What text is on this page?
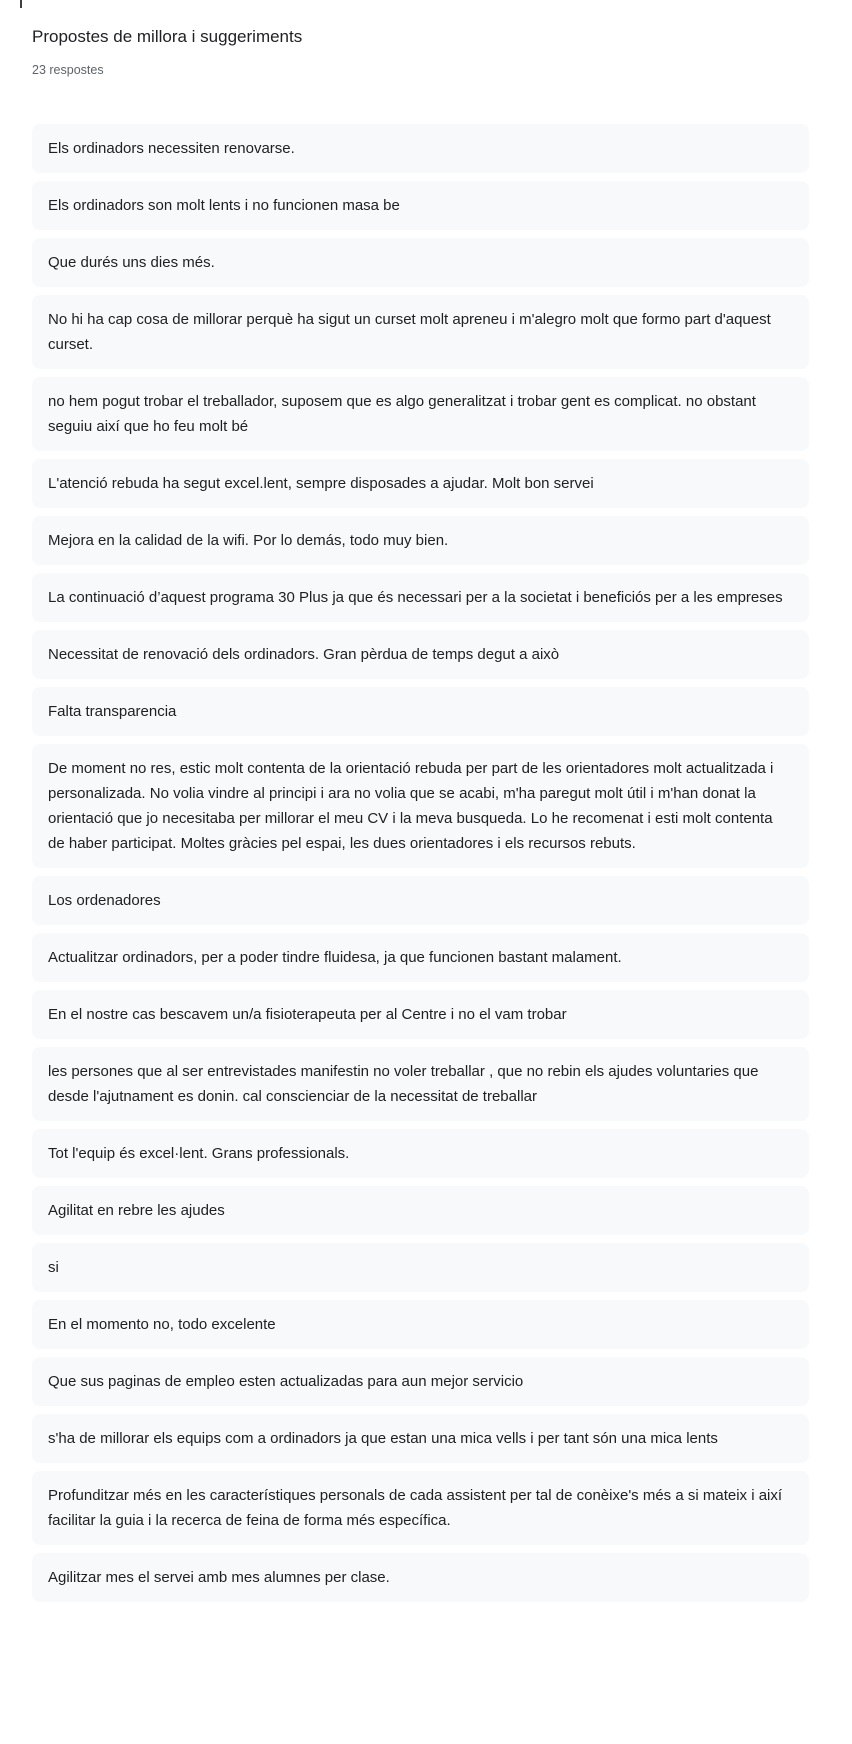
Propostes de millora i suggeriments
23 respostes
Els ordinadors necessiten renovarse.
Els ordinadors son molt lents i no funcionen masa be
Que durés uns dies més.
No hi ha cap cosa de millorar perquè ha sigut un curset molt apreneu i m'alegro molt que formo part d'aquest curset.
no hem pogut trobar el treballador, suposem que es algo generalitzat i trobar gent es complicat. no obstant seguiu així que ho feu molt bé
L'atenció rebuda ha segut excel.lent, sempre disposades a ajudar. Molt bon servei
Mejora en la calidad de la wifi. Por lo demás, todo muy bien.
La continuació d’aquest programa 30 Plus ja que és necessari per a la societat i beneficiós per a les empreses
Necessitat de renovació dels ordinadors. Gran pèrdua de temps degut a això
Falta transparencia
De moment no res, estic molt contenta de la orientació rebuda per part de les orientadores molt actualitzada i personalizada. No volia vindre al principi i ara no volia que se acabi, m'ha paregut molt útil i m'han donat la orientació que jo necesitaba per millorar el meu CV i la meva busqueda. Lo he recomenat i esti molt contenta de haber participat. Moltes gràcies pel espai, les dues orientadores i els recursos rebuts.
Los ordenadores
Actualitzar ordinadors, per a poder tindre fluidesa, ja que funcionen bastant malament.
En el nostre cas bescavem un/a fisioterapeuta per al Centre i no el vam trobar
les persones que al ser entrevistades manifestin no voler treballar , que no rebin els ajudes voluntaries que desde l'ajutnament es donin. cal conscienciar de la necessitat de treballar
Tot l'equip és excel·lent. Grans professionals.
Agilitat en rebre les ajudes
si
En el momento no, todo excelente
Que sus paginas de empleo esten actualizadas para aun mejor servicio
s'ha de millorar els equips com a ordinadors ja que estan una mica vells i per tant són una mica lents
Profunditzar més en les característiques personals de cada assistent per tal de conèixe's més a si mateix i així facilitar la guia i la recerca de feina de forma més específica.
Agilitzar mes el servei amb mes alumnes per clase.
